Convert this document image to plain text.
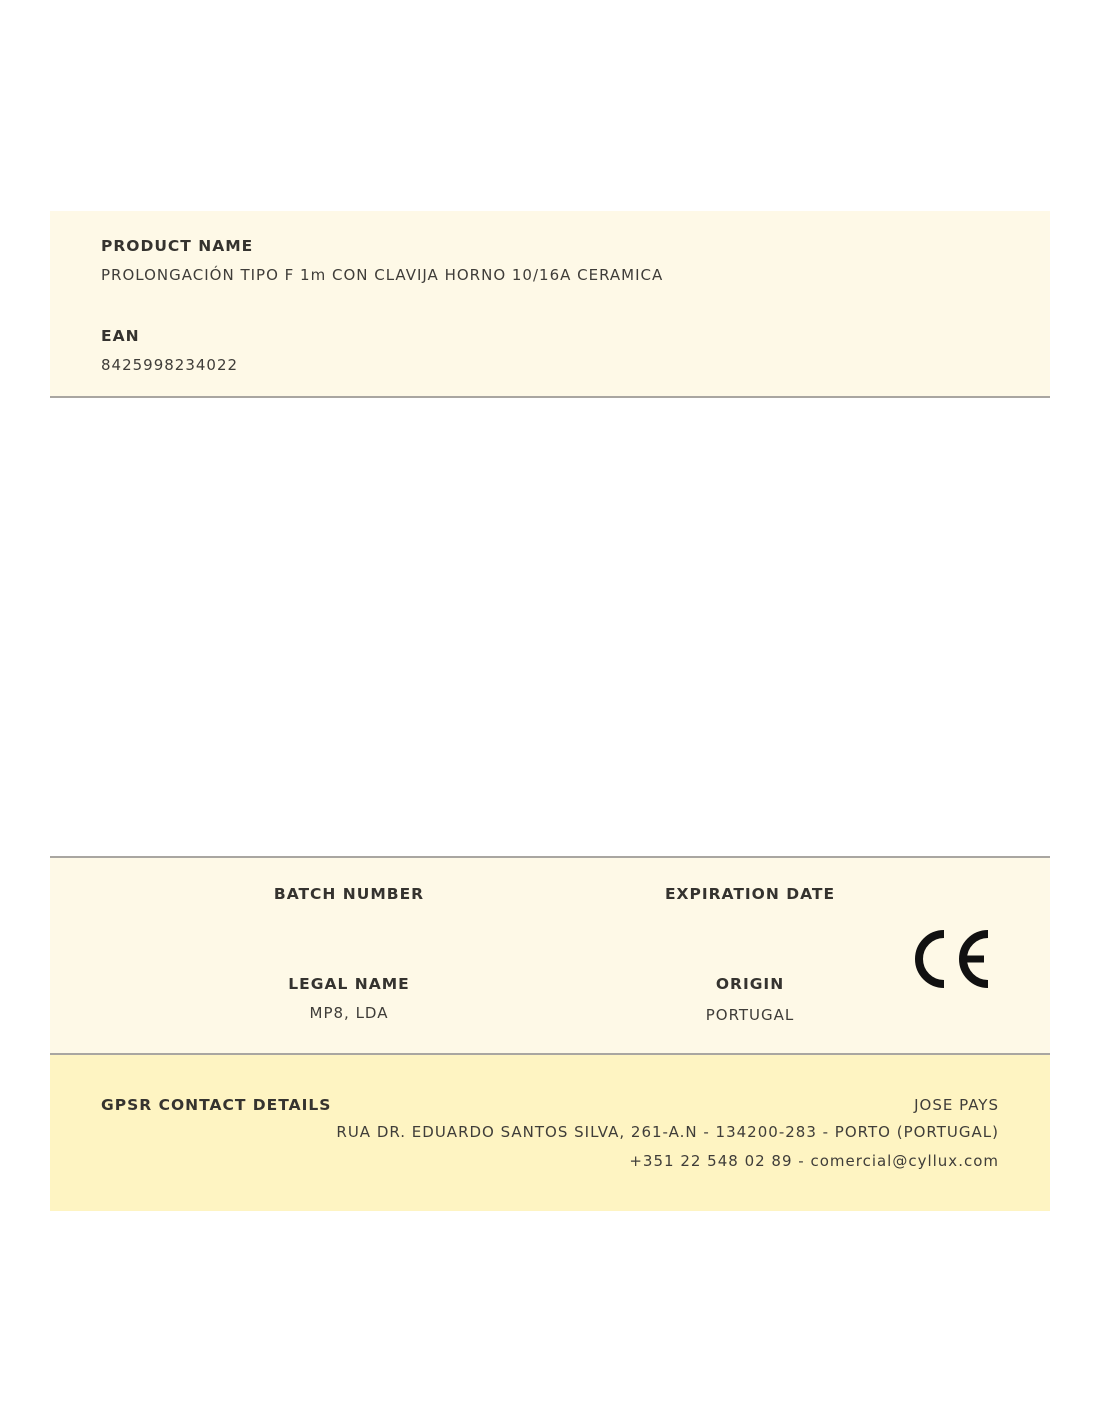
PRODUCT NAME
PROLONGACIÓN TIPO F 1m CON CLAVIJA HORNO 10/16A CERAMICA
EAN
8425998234022
BATCH NUMBER	EXPIRATION DATE
LEGAL NAME
MP8, LDA
ORIGIN
PORTUGAL
GPSR CONTACT DETAILS	JOSE PAYS
RUA DR. EDUARDO SANTOS SILVA, 261-A.N - 134200-283 - PORTO (PORTUGAL)
+351 22 548 02 89 - comercial@cyllux.com
